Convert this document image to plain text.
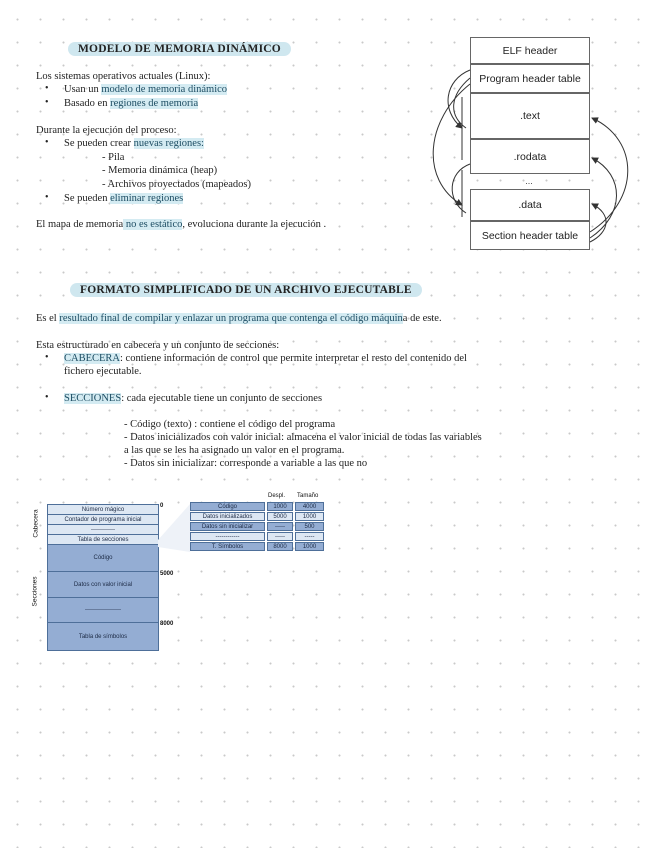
MODELO DE MEMORIA DINÁMICO
Los sistemas operativos actuales (Linux):
• Usan un modelo de memoria dinámico
• Basado en regiones de memoria
Durante la ejecución del proceso:
• Se pueden crear nuevas regiones:
- Pila
- Memoria dinámica (heap)
- Archivos proyectados (mapeados)
• Se pueden eliminar regiones
El mapa de memoria no es estático, evoluciona durante la ejecución .
ELF header
Program header table
.text
.rodata
...
.data
Section header table
FORMATO SIMPLIFICADO DE UN ARCHIVO EJECUTABLE
Es el resultado final de compilar y enlazar un programa que contenga el código máquina de este.
Esta estructurado en cabecera y un conjunto de secciones:
• CABECERA: contiene información de control que permite interpretar el resto del contenido del
fichero ejecutable.
• SECCIONES: cada ejecutable tiene un conjunto de secciones
- Código (texto) : contiene el código del programa
- Datos inicializados con valor inicial: almacena el valor inicial de todas las variables
a las que se les ha asignado un valor en el programa.
- Datos sin inicializar: corresponde a variable a las que no
Cabecera
Secciones
Número mágico
Contador de programa inicial
------------
Tabla de secciones
Código
Datos con valor inicial
------------------
Tabla de símbolos
0
5000
8000
Despl. Tamaño
Código	1000	4000
Datos inicializados	5000	1000
Datos sin inicializar	-----	500
------------	-----	-----
T. Símbolos	8000	1000
